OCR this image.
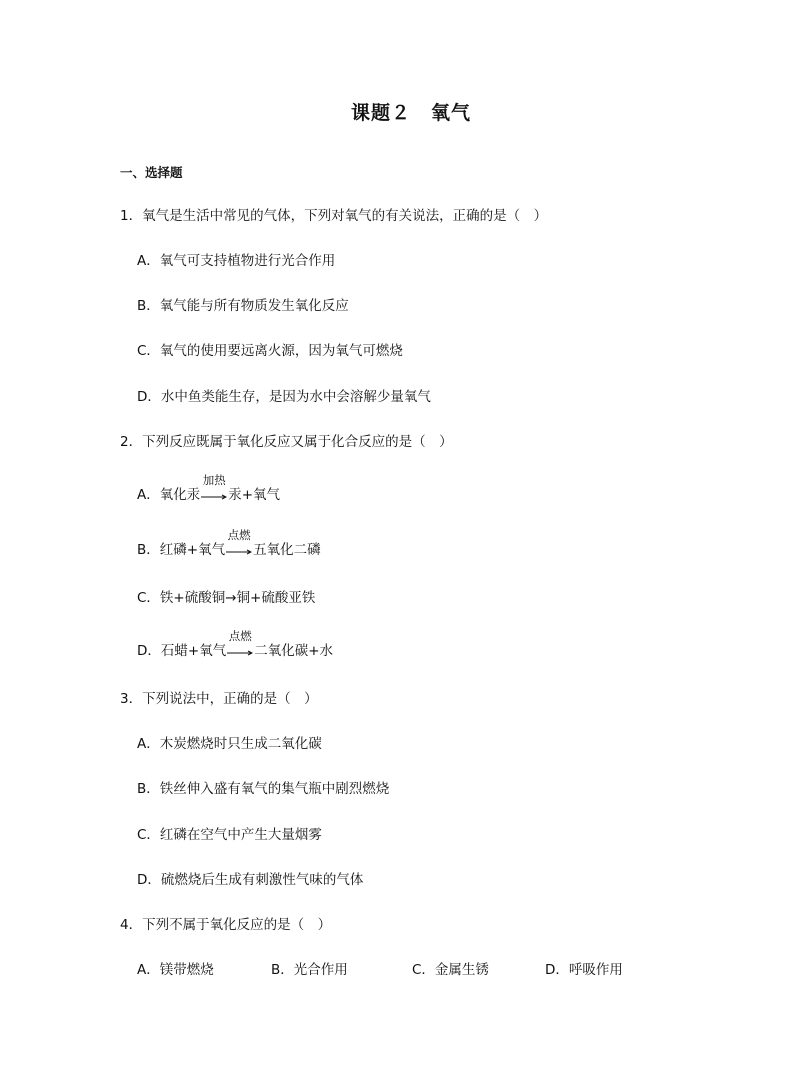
课题２　氧气
一、选择题
1．氧气是生活中常见的气体，下列对氧气的有关说法，正确的是（　）
A．氧气可支持植物进行光合作用
B．氧气能与所有物质发生氧化反应
C．氧气的使用要远离火源，因为氧气可燃烧
D．水中鱼类能生存，是因为水中会溶解少量氧气
2．下列反应既属于氧化反应又属于化合反应的是（　）
A．氧化汞
加热
汞+氧气
B．红磷+氧气
点燃
五氧化二磷
C．铁+硫酸铜→铜+硫酸亚铁
D．石蜡+氧气
点燃
二氧化碳+水
3．下列说法中，正确的是（　）
A．木炭燃烧时只生成二氧化碳
B．铁丝伸入盛有氧气的集气瓶中剧烈燃烧
C．红磷在空气中产生大量烟雾
D．硫燃烧后生成有刺激性气味的气体
4．下列不属于氧化反应的是（　）
A．镁带燃烧	B．光合作用	C．金属生锈	D．呼吸作用
